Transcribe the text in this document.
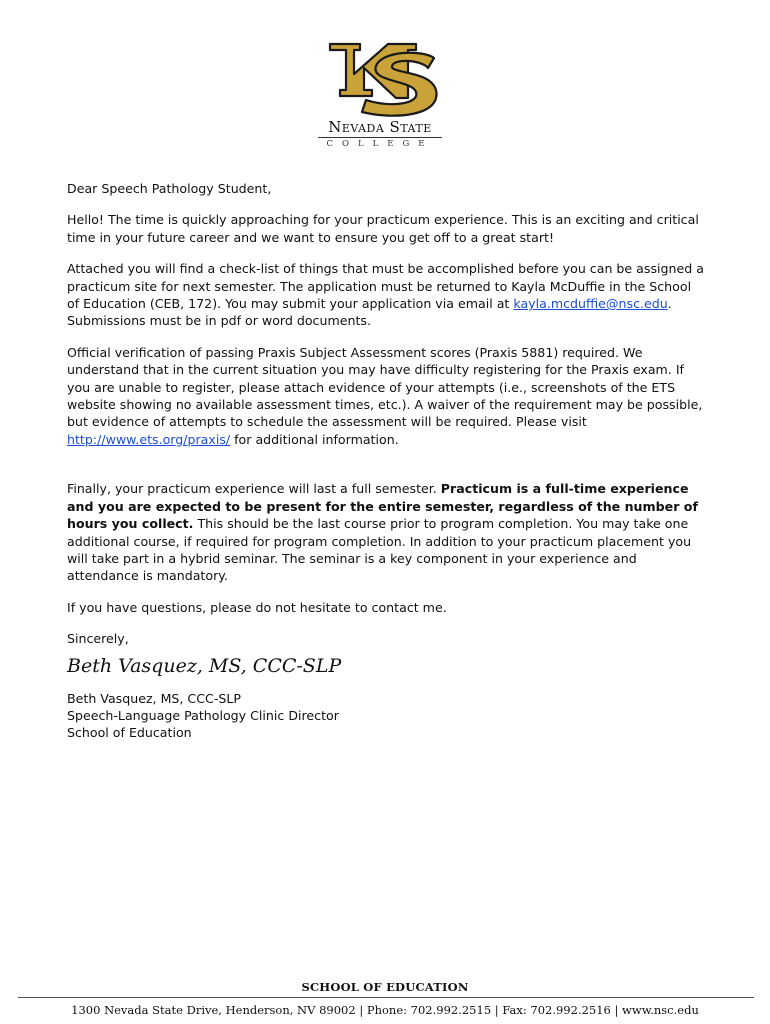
Nevada State
COLLEGE

Dear Speech Pathology Student,

Hello! The time is quickly approaching for your practicum experience. This is an exciting and critical time in your future career and we want to ensure you get off to a great start!

Attached you will find a check-list of things that must be accomplished before you can be assigned a practicum site for next semester. The application must be returned to Kayla McDuffie in the School of Education (CEB, 172). You may submit your application via email at kayla.mcduffie@nsc.edu. Submissions must be in pdf or word documents.

Official verification of passing Praxis Subject Assessment scores (Praxis 5881) required. We understand that in the current situation you may have difficulty registering for the Praxis exam. If you are unable to register, please attach evidence of your attempts (i.e., screenshots of the ETS website showing no available assessment times, etc.). A waiver of the requirement may be possible, but evidence of attempts to schedule the assessment will be required. Please visit http://www.ets.org/praxis/ for additional information.

Finally, your practicum experience will last a full semester. Practicum is a full-time experience and you are expected to be present for the entire semester, regardless of the number of hours you collect. This should be the last course prior to program completion. You may take one additional course, if required for program completion. In addition to your practicum placement you will take part in a hybrid seminar. The seminar is a key component in your experience and attendance is mandatory.

If you have questions, please do not hesitate to contact me.

Sincerely,

Beth Vasquez, MS, CCC-SLP
Beth Vasquez, MS, CCC-SLP
Speech-Language Pathology Clinic Director
School of Education
SCHOOL OF EDUCATION
1300 Nevada State Drive, Henderson, NV 89002 | Phone: 702.992.2515 | Fax: 702.992.2516 | www.nsc.edu
